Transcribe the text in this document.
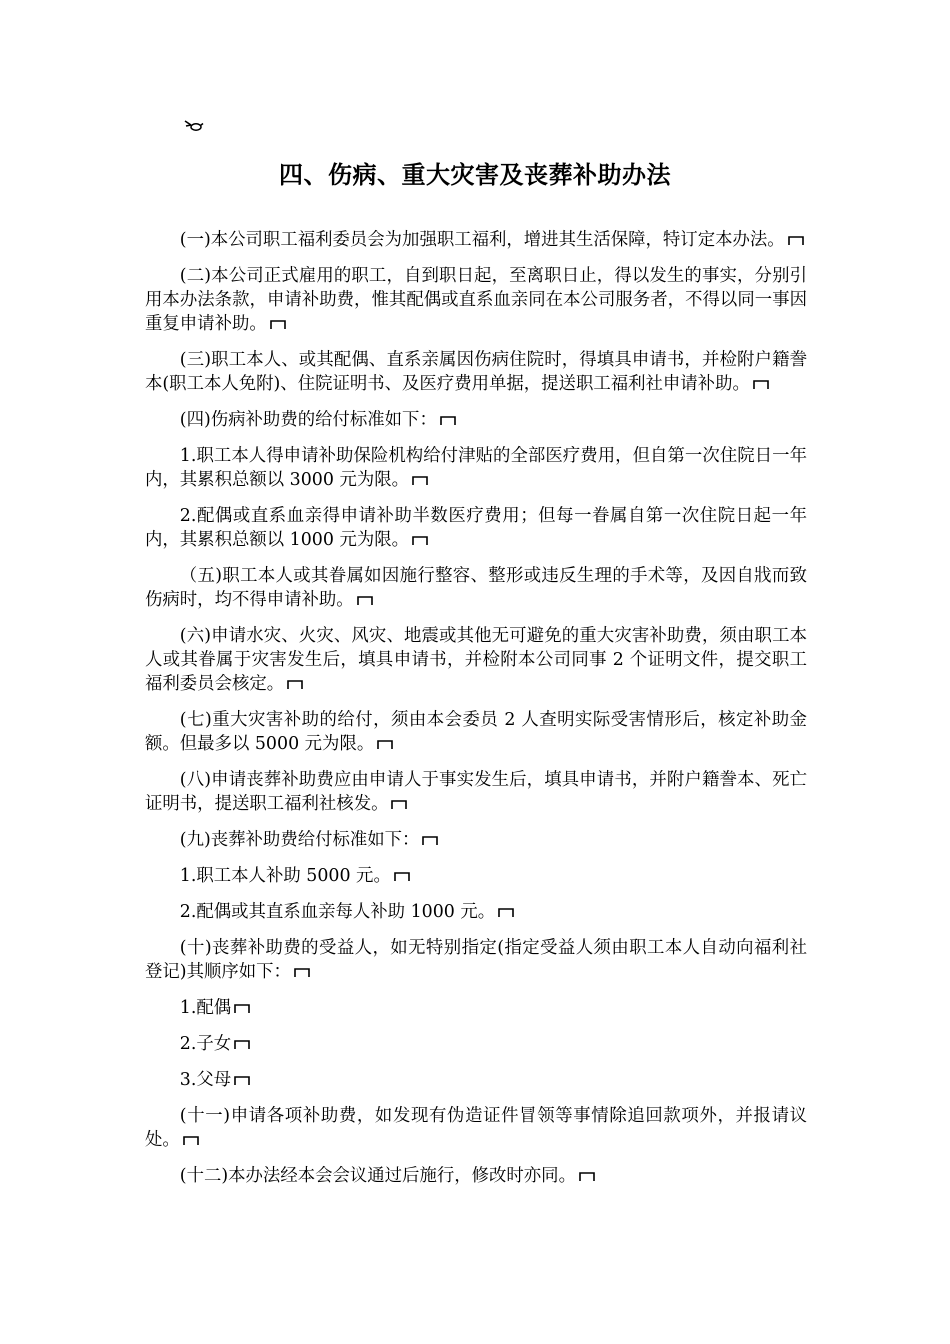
四、伤病、重大灾害及丧葬补助办法

(一)本公司职工福利委员会为加强职工福利，增进其生活保障，特订定本办法。

(二)本公司正式雇用的职工，自到职日起，至离职日止，得以发生的事实，分别引用本办法条款，申请补助费，惟其配偶或直系血亲同在本公司服务者，不得以同一事因重复申请补助。

(三)职工本人、或其配偶、直系亲属因伤病住院时，得填具申请书，并检附户籍誊本(职工本人免附)、住院证明书、及医疗费用单据，提送职工福利社申请补助。

(四)伤病补助费的给付标准如下：

1.职工本人得申请补助保险机构给付津贴的全部医疗费用，但自第一次住院日一年内，其累积总额以 3000 元为限。

2.配偶或直系血亲得申请补助半数医疗费用；但每一眷属自第一次住院日起一年内，其累积总额以 1000 元为限。

（五)职工本人或其眷属如因施行整容、整形或违反生理的手术等，及因自戕而致伤病时，均不得申请补助。

(六)申请水灾、火灾、风灾、地震或其他无可避免的重大灾害补助费，须由职工本人或其眷属于灾害发生后，填具申请书，并检附本公司同事 2 个证明文件，提交职工福利委员会核定。

(七)重大灾害补助的给付，须由本会委员 2 人查明实际受害情形后，核定补助金额。但最多以 5000 元为限。

(八)申请丧葬补助费应由申请人于事实发生后，填具申请书，并附户籍誊本、死亡证明书，提送职工福利社核发。

(九)丧葬补助费给付标准如下：

1.职工本人补助 5000 元。

2.配偶或其直系血亲每人补助 1000 元。

(十)丧葬补助费的受益人，如无特别指定(指定受益人须由职工本人自动向福利社登记)其顺序如下：

1.配偶

2.子女

3.父母

(十一)申请各项补助费，如发现有伪造证件冒领等事情除追回款项外，并报请议处。

(十二)本办法经本会会议通过后施行，修改时亦同。
